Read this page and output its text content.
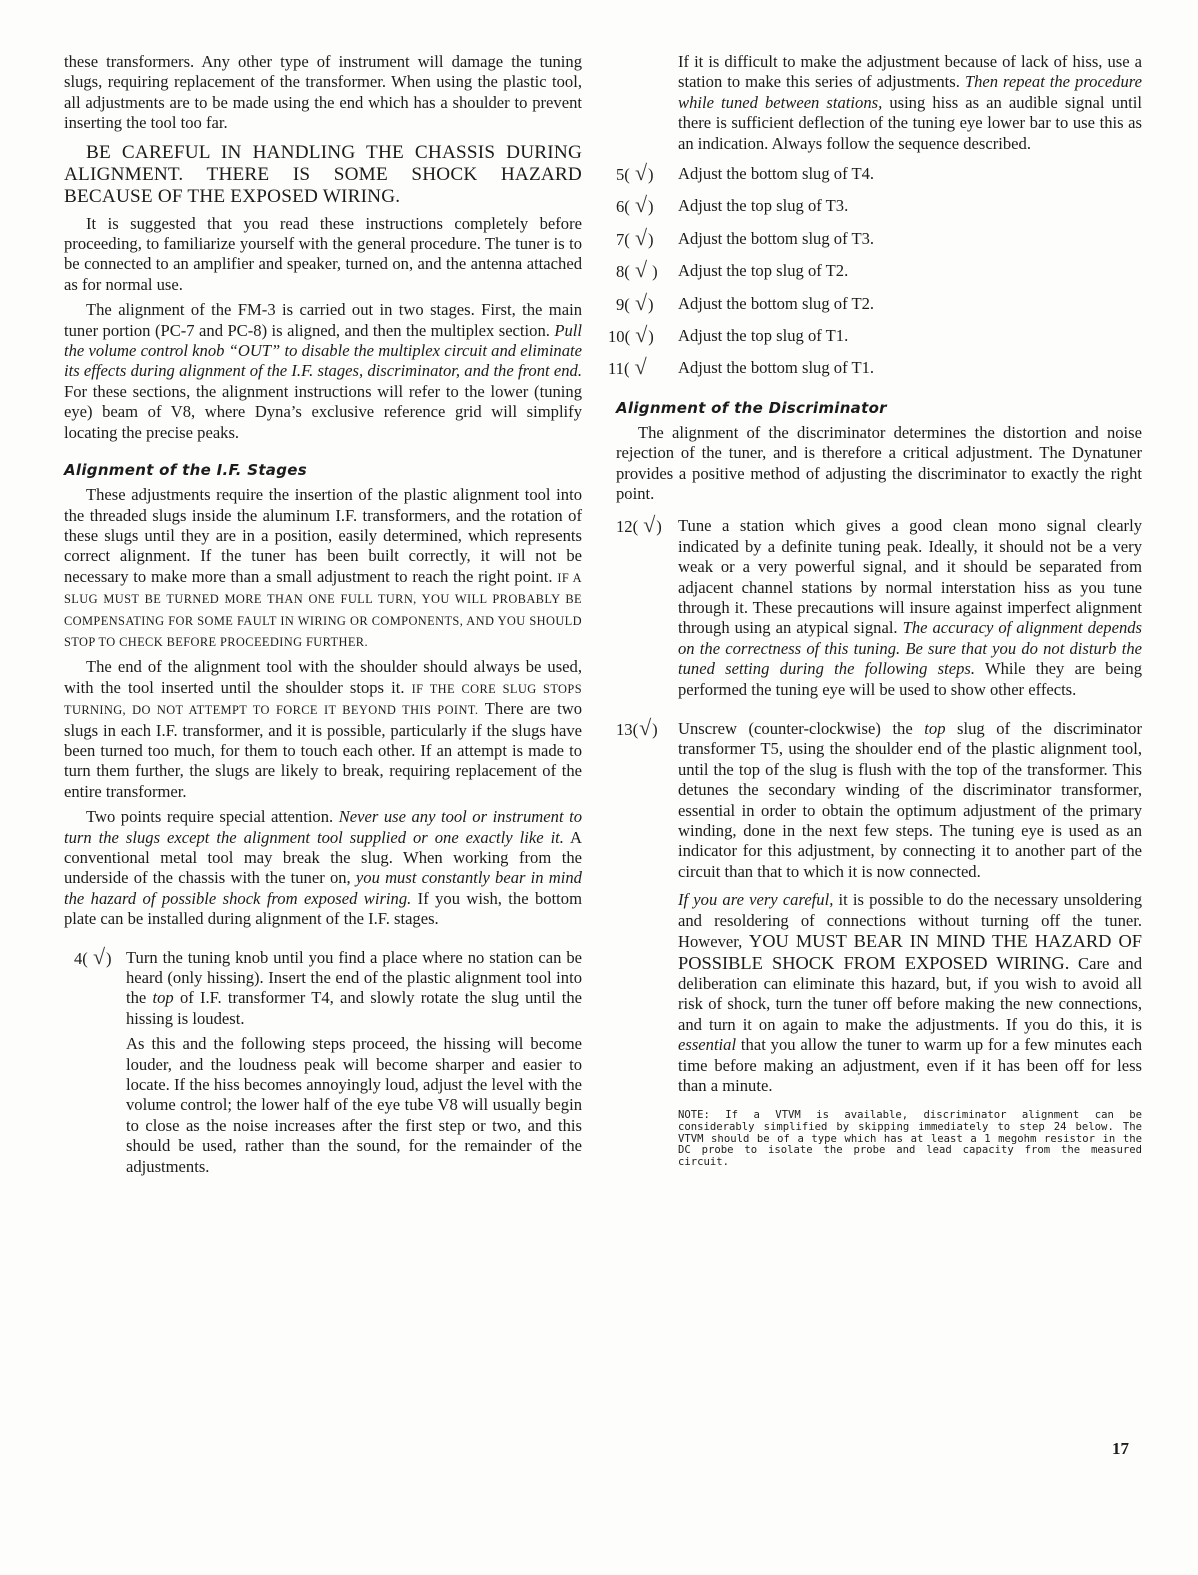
these transformers. Any other type of instrument will damage the tuning slugs, requiring replacement of the transformer. When using the plastic tool, all adjustments are to be made using the end which has a shoulder to prevent inserting the tool too far.

BE CAREFUL IN HANDLING THE CHASSIS DURING ALIGNMENT. THERE IS SOME SHOCK HAZARD BECAUSE OF THE EXPOSED WIRING.

It is suggested that you read these instructions completely before proceeding, to familiarize yourself with the general procedure. The tuner is to be connected to an amplifier and speaker, turned on, and the antenna attached as for normal use.

The alignment of the FM-3 is carried out in two stages. First, the main tuner portion (PC-7 and PC-8) is aligned, and then the multiplex section. Pull the volume control knob “OUT” to disable the multiplex circuit and eliminate its effects during alignment of the I.F. stages, discriminator, and the front end. For these sections, the alignment instructions will refer to the lower (tuning eye) beam of V8, where Dyna’s exclusive reference grid will simplify locating the precise peaks.

Alignment of the I.F. Stages

These adjustments require the insertion of the plastic alignment tool into the threaded slugs inside the aluminum I.F. transformers, and the rotation of these slugs until they are in a position, easily determined, which represents correct alignment. If the tuner has been built correctly, it will not be necessary to make more than a small adjustment to reach the right point. IF A SLUG MUST BE TURNED MORE THAN ONE FULL TURN, YOU WILL PROBABLY BE COMPENSATING FOR SOME FAULT IN WIRING OR COMPONENTS, AND YOU SHOULD STOP TO CHECK BEFORE PROCEEDING FURTHER.

The end of the alignment tool with the shoulder should always be used, with the tool inserted until the shoulder stops it. IF THE CORE SLUG STOPS TURNING, DO NOT ATTEMPT TO FORCE IT BEYOND THIS POINT. There are two slugs in each I.F. transformer, and it is possible, particularly if the slugs have been turned too much, for them to touch each other. If an attempt is made to turn them further, the slugs are likely to break, requiring replacement of the entire transformer.

Two points require special attention. Never use any tool or instrument to turn the slugs except the alignment tool supplied or one exactly like it. A conventional metal tool may break the slug. When working from the underside of the chassis with the tuner on, you must constantly bear in mind the hazard of possible shock from exposed wiring. If you wish, the bottom plate can be installed during alignment of the I.F. stages.

4( √) Turn the tuning knob until you find a place where no station can be heard (only hissing). Insert the end of the plastic alignment tool into the top of I.F. transformer T4, and slowly rotate the slug until the hissing is loudest.

As this and the following steps proceed, the hissing will become louder, and the loudness peak will become sharper and easier to locate. If the hiss becomes annoyingly loud, adjust the level with the volume control; the lower half of the eye tube V8 will usually begin to close as the noise increases after the first step or two, and this should be used, rather than the sound, for the remainder of the adjustments.

If it is difficult to make the adjustment because of lack of hiss, use a station to make this series of adjustments. Then repeat the procedure while tuned between stations, using hiss as an audible signal until there is sufficient deflection of the tuning eye lower bar to use this as an indication. Always follow the sequence described.

5( √)	Adjust the bottom slug of T4.
6( √)	Adjust the top slug of T3.
7( √)	Adjust the bottom slug of T3.
8( √ )	Adjust the top slug of T2.
9( √)	Adjust the bottom slug of T2.
10( √)	Adjust the top slug of T1.
11( √	Adjust the bottom slug of T1.
Alignment of the Discriminator

The alignment of the discriminator determines the distortion and noise rejection of the tuner, and is therefore a critical adjustment. The Dynatuner provides a positive method of adjusting the discriminator to exactly the right point.

12( √) Tune a station which gives a good clean mono signal clearly indicated by a definite tuning peak. Ideally, it should not be a very weak or a very powerful signal, and it should be separated from adjacent channel stations by normal interstation hiss as you tune through it. These precautions will insure against imperfect alignment through using an atypical signal. The accuracy of alignment depends on the correctness of this tuning. Be sure that you do not disturb the tuned setting during the following steps. While they are being performed the tuning eye will be used to show other effects.

13(√)	Unscrew (counter-clockwise) the top slug of the discriminator transformer T5, using the shoulder end of the plastic alignment tool, until the top of the slug is flush with the top of the transformer. This detunes the secondary winding of the discriminator transformer, essential in order to obtain the optimum adjustment of the primary winding, done in the next few steps. The tuning eye is used as an indicator for this adjustment, by connecting it to another part of the circuit than that to which it is now connected.

If you are very careful, it is possible to do the necessary unsoldering and resoldering of connections without turning off the tuner. However, YOU MUST BEAR IN MIND THE HAZARD OF POSSIBLE SHOCK FROM EXPOSED WIRING. Care and deliberation can eliminate this hazard, but, if you wish to avoid all risk of shock, turn the tuner off before making the new connections, and turn it on again to make the adjustments. If you do this, it is essential that you allow the tuner to warm up for a few minutes each time before making an adjustment, even if it has been off for less than a minute.

NOTE: If a VTVM is available, discriminator alignment can be considerably simplified by skipping immediately to step 24 below. The VTVM should be of a type which has at least a 1 megohm resistor in the DC probe to isolate the probe and lead capacity from the measured circuit.

17
